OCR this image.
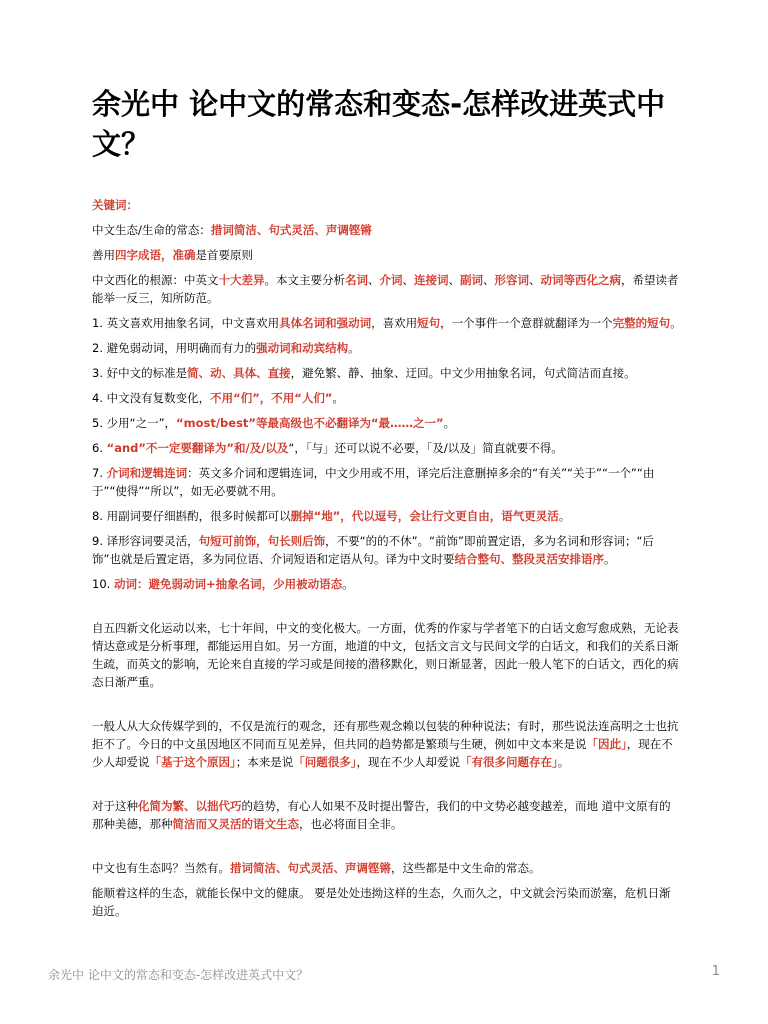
余光中 论中文的常态和变态-怎样改进英式中文？

关键词：

中文生态/生命的常态：措词简洁、句式灵活、声调铿锵

善用四字成语，准确是首要原则

中文西化的根源：中英文十大差异。本文主要分析名词、介词、连接词、副词、形容词、动词等西化之病，希望读者能举一反三，知所防范。

1. 英文喜欢用抽象名词，中文喜欢用具体名词和强动词，喜欢用短句，一个事件一个意群就翻译为一个完整的短句。

2. 避免弱动词，用明确而有力的强动词和动宾结构。

3. 好中文的标准是简、动、具体、直接，避免繁、静、抽象、迂回。中文少用抽象名词，句式简洁而直接。

4. 中文没有复数变化，不用“们”，不用“人们”。

5. 少用“之一”，“most/best”等最高级也不必翻译为“最……之一”。

6. “and”不一定要翻译为”和/及/以及“，「与」还可以说不必要，「及/以及」简直就要不得。

7. 介词和逻辑连词：英文多介词和逻辑连词，中文少用或不用，译完后注意删掉多余的“有关”“关于”“一个”“由于”“使得”“所以”，如无必要就不用。

8. 用副词要仔细斟酌，很多时候都可以删掉“地”，代以逗号，会让行文更自由，语气更灵活。

9. 译形容词要灵活，句短可前饰，句长则后饰，不要“的的不休”。“前饰”即前置定语，多为名词和形容词；“后饰”也就是后置定语，多为同位语、介词短语和定语从句。译为中文时要结合整句、整段灵活安排语序。

10. 动词：避免弱动词+抽象名词，少用被动语态。

自五四新文化运动以来，七十年间，中文的变化极大。一方面，优秀的作家与学者笔下的白话文愈写愈成熟，无论表情达意或是分析事理，都能运用自如。另一方面，地道的中文，包括文言文与民间文学的白话文，和我们的关系日渐生疏，而英文的影响，无论来自直接的学习或是间接的潜移默化，则日渐显著，因此一般人笔下的白话文，西化的病态日渐严重。

一般人从大众传媒学到的，不仅是流行的观念，还有那些观念赖以包装的种种说法；有时，那些说法连高明之士也抗拒不了。今日的中文虽因地区不同而互见差异，但共同的趋势都是繁琐与生硬，例如中文本来是说「因此」，现在不少人却爱说「基于这个原因」；本来是说「问题很多」，现在不少人却爱说「有很多问题存在」。

对于这种化简为繁、以拙代巧的趋势，有心人如果不及时提出警告，我们的中文势必越变越差，而地 道中文原有的那种美德，那种简洁而又灵活的语文生态，也必将面目全非。

中文也有生态吗？当然有。措词简洁、句式灵活、声调铿锵，这些都是中文生命的常态。

能顺着这样的生态，就能长保中文的健康。 要是处处违拗这样的生态，久而久之，中文就会污染而淤塞，危机日渐迫近。

余光中 论中文的常态和变态-怎样改进英式中文？	1
